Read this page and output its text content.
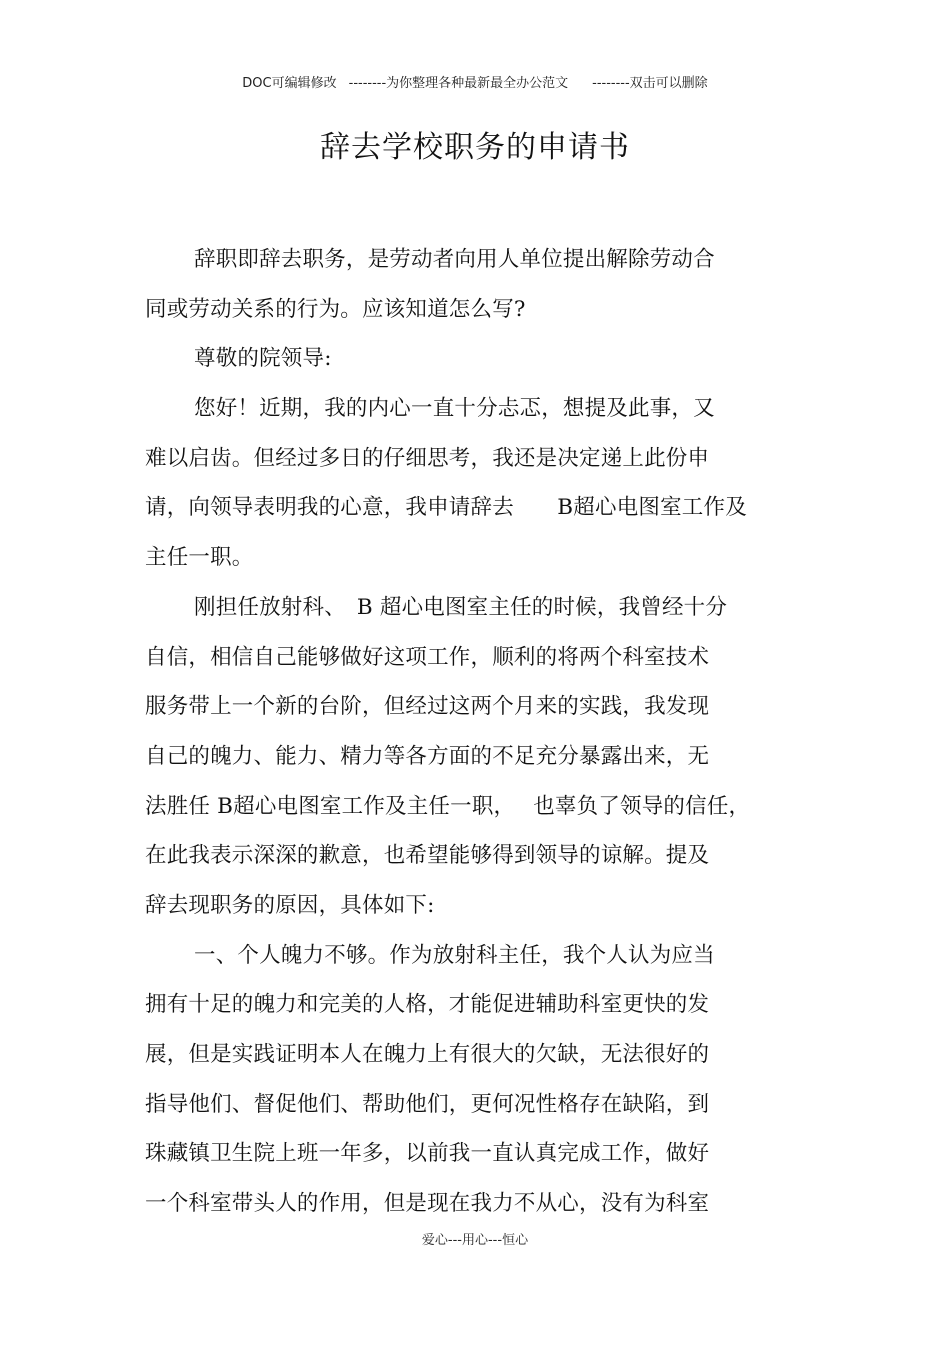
DOC可编辑修改 --------为你整理各种最新最全办公范文 --------双击可以删除
辞去学校职务的申请书
辞职即辞去职务，是劳动者向用人单位提出解除劳动合
同或劳动关系的行为。应该知道怎么写?
尊敬的院领导:
您好！近期，我的内心一直十分忐忑，想提及此事，又
难以启齿。但经过多日的仔细思考，我还是决定递上此份申
请，向领导表明我的心意，我申请辞去　　B超心电图室工作及
主任一职。
刚担任放射科、　B 超心电图室主任的时候，我曾经十分
自信，相信自己能够做好这项工作，顺利的将两个科室技术
服务带上一个新的台阶，但经过这两个月来的实践，我发现
自己的魄力、能力、精力等各方面的不足充分暴露出来，无
法胜任 B超心电图室工作及主任一职，　 也辜负了领导的信任，
在此我表示深深的歉意，也希望能够得到领导的谅解。提及
辞去现职务的原因，具体如下:
一、个人魄力不够。作为放射科主任，我个人认为应当
拥有十足的魄力和完美的人格，才能促进辅助科室更快的发
展，但是实践证明本人在魄力上有很大的欠缺，无法很好的
指导他们、督促他们、帮助他们，更何况性格存在缺陷，到
珠藏镇卫生院上班一年多，以前我一直认真完成工作，做好
一个科室带头人的作用，但是现在我力不从心，没有为科室
爱心---用心---恒心
